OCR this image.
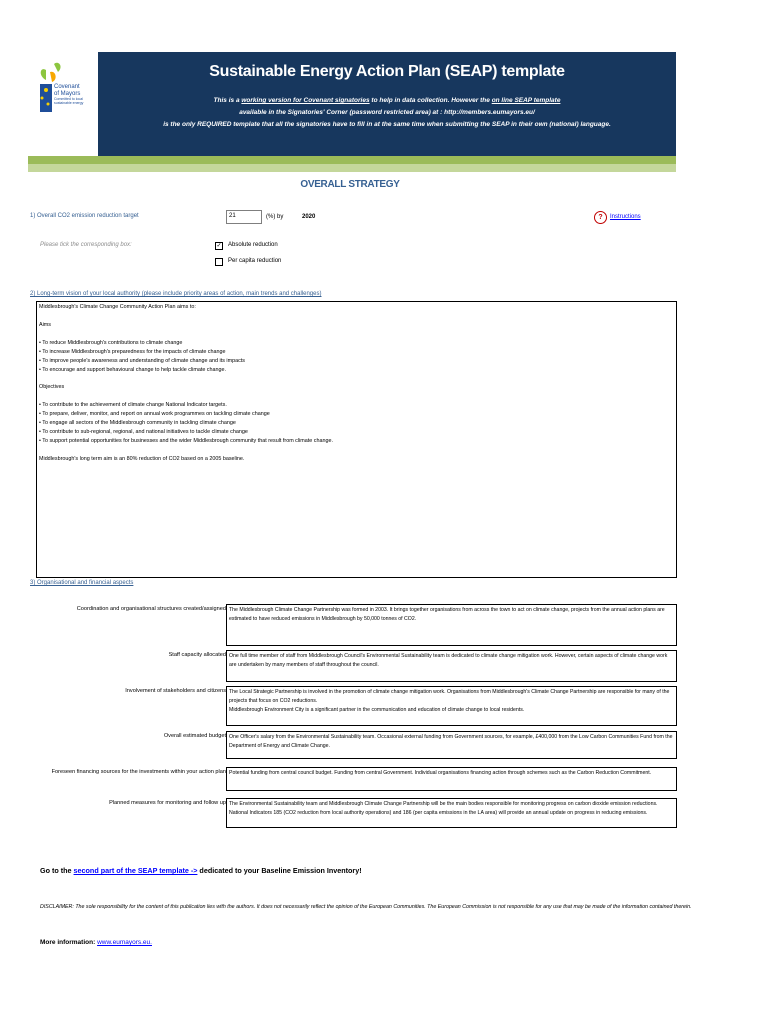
Covenant
of Mayors
Committed to local
sustainable energy
Sustainable Energy Action Plan (SEAP) template
This is a working version for Covenant signatories to help in data collection. However the on line SEAP template
available in the Signatories' Corner (password restricted area) at : http://members.eumayors.eu/
is the only REQUIRED template that all the signatories have to fill in at the same time when submitting the SEAP in their own (national) language.
OVERALL STRATEGY
1) Overall CO2 emission reduction target	21	(%) by	2020	?	Instructions
Please tick the corresponding box:	✓ Absolute reduction
Per capita reduction
2) Long-term vision of your local authority (please include priority areas of action, main trends and challenges)
Middlesbrough's Climate Change Community Action Plan aims to:
Aims
• To reduce Middlesbrough's contributions to climate change
• To increase Middlesbrough's preparedness for the impacts of climate change
• To improve people's awareness and understanding of climate change and its impacts
• To encourage and support behavioural change to help tackle climate change.
Objectives
• To contribute to the achievement of climate change National Indicator targets.
• To prepare, deliver, monitor, and report on annual work programmes on tackling climate change
• To engage all sectors of the Middlesbrough community in tackling climate change
• To contribute to sub-regional, regional, and national initiatives to tackle climate change
• To support potential opportunities for businesses and the wider Middlesbrough community that result from climate change.
Middlesbrough's long term aim is an 80% reduction of CO2 based on a 2005 baseline.
3) Organisational and financial aspects
Coordination and organisational structures created/assigned The Middlesbrough Climate Change Partnership was formed in 2003. It brings together organisations from across the town to act on climate change, projects from the annual action plans are estimated to have reduced emissions in Middlesbrough by 50,000 tonnes of CO2.
Staff capacity allocated One full time member of staff from Middlesbrough Council's Environmental Sustainability team is dedicated to climate change mitigation work. However, certain aspects of climate change work are undertaken by many members of staff throughout the council.
Involvement of stakeholders and citizens The Local Strategic Partnership is involved in the promotion of climate change mitigation work. Organisations from Middlesbrough's Climate Change Partnership are responsible for many of the projects that focus on CO2 reductions.
Middlesbrough Environment City is a significant partner in the communication and education of climate change to local residents.
Overall estimated budget One Officer's salary from the Environmental Sustainability team. Occasional external funding from Government sources, for example, £400,000 from the Low Carbon Communities Fund from the Department of Energy and Climate Change.
Foreseen financing sources for the investments within your action plan Potential funding from central council budget. Funding from central Government. Individual organisations financing action through schemes such as the Carbon Reduction Commitment.
Planned measures for monitoring and follow up The Environmental Sustainability team and Middlesbrough Climate Change Partnership will be the main bodies responsible for monitoring progress on carbon dioxide emission reductions. National Indicators 185 (CO2 reduction from local authority operations) and 186 (per capita emissions in the LA area) will provide an annual update on progress in reducing emissions.
Go to the second part of the SEAP template -> dedicated to your Baseline Emission Inventory!
DISCLAIMER: The sole responsibility for the content of this publication lies with the authors. It does not necessarily reflect the opinion of the European Communities. The European Commission is not responsible for any use that may be made of the information contained therein.
More information: www.eumayors.eu.
